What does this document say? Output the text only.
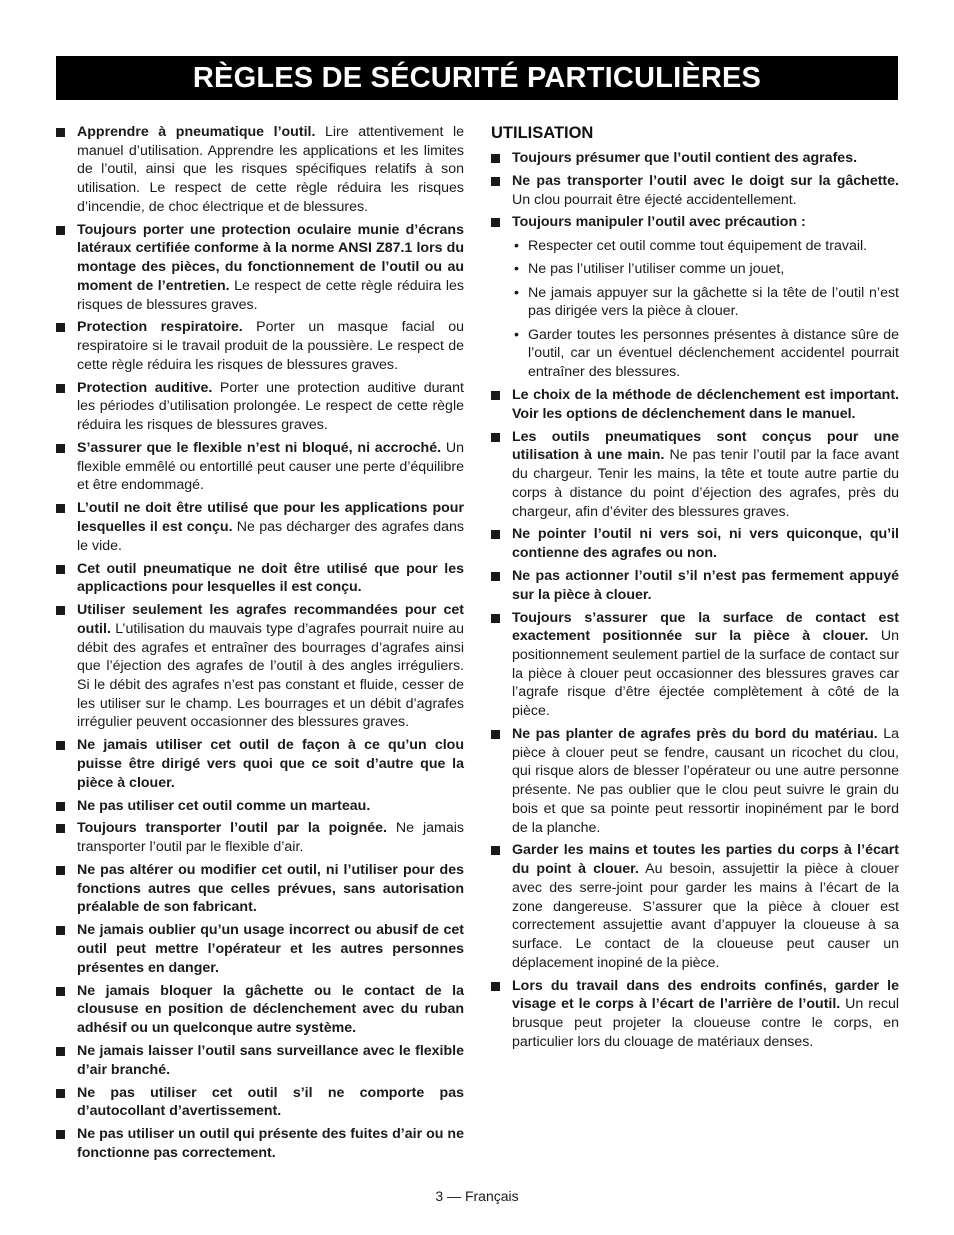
RÈGLES DE SÉCURITÉ PARTICULIÈRES
Apprendre à pneumatique l’outil. Lire attentivement le manuel d’utilisation. Apprendre les applications et les limites de l’outil, ainsi que les risques spécifiques relatifs à son utilisation. Le respect de cette règle réduira les risques d’incendie, de choc électrique et de blessures.
Toujours porter une protection oculaire munie d’écrans latéraux certifiée conforme à la norme ANSI Z87.1 lors du montage des pièces, du fonctionnement de l’outil ou au moment de l’entretien. Le respect de cette règle réduira les risques de blessures graves.
Protection respiratoire. Porter un masque facial ou respiratoire si le travail produit de la poussière. Le respect de cette règle réduira les risques de blessures graves.
Protection auditive. Porter une protection auditive durant les périodes d’utilisation prolongée. Le respect de cette règle réduira les risques de blessures graves.
S’assurer que le flexible n’est ni bloqué, ni accroché. Un flexible emmêlé ou entortillé peut causer une perte d’équilibre et être endommagé.
L’outil ne doit être utilisé que pour les applications pour lesquelles il est conçu. Ne pas décharger des agrafes dans le vide.
Cet outil pneumatique ne doit être utilisé que pour les applicactions pour lesquelles il est conçu.
Utiliser seulement les agrafes recommandées pour cet outil. L’utilisation du mauvais type d’agrafes pourrait nuire au débit des agrafes et entraîner des bourrages d’agrafes ainsi que l’éjection des agrafes de l’outil à des angles irréguliers. Si le débit des agrafes n’est pas constant et fluide, cesser de les utiliser sur le champ. Les bourrages et un débit d’agrafes irrégulier peuvent occasionner des blessures graves.
Ne jamais utiliser cet outil de façon à ce qu’un clou puisse être dirigé vers quoi que ce soit d’autre que la pièce à clouer.
Ne pas utiliser cet outil comme un marteau.
Toujours transporter l’outil par la poignée. Ne jamais transporter l’outil par le flexible d’air.
Ne pas altérer ou modifier cet outil, ni l’utiliser pour des fonctions autres que celles prévues, sans autorisation préalable de son fabricant.
Ne jamais oublier qu’un usage incorrect ou abusif de cet outil peut mettre l’opérateur et les autres personnes présentes en danger.
Ne jamais bloquer la gâchette ou le contact de la cloususe en position de déclenchement avec du ruban adhésif ou un quelconque autre système.
Ne jamais laisser l’outil sans surveillance avec le flexible d’air branché.
Ne pas utiliser cet outil s’il ne comporte pas d’autocollant d’avertissement.
Ne pas utiliser un outil qui présente des fuites d’air ou ne fonctionne pas correctement.
UTILISATION
Toujours présumer que l’outil contient des agrafes.
Ne pas transporter l’outil avec le doigt sur la gâchette. Un clou pourrait être éjecté accidentellement.
Toujours manipuler l’outil avec précaution :
• Respecter cet outil comme tout équipement de travail.
• Ne pas l’utiliser l’utiliser comme un jouet,
• Ne jamais appuyer sur la gâchette si la tête de l’outil n’est pas dirigée vers la pièce à clouer.
• Garder toutes les personnes présentes à distance sûre de l’outil, car un éventuel déclenchement accidentel pourrait entraîner des blessures.
Le choix de la méthode de déclenchement est important. Voir les options de déclenchement dans le manuel.
Les outils pneumatiques sont conçus pour une utilisation à une main. Ne pas tenir l’outil par la face avant du chargeur. Tenir les mains, la tête et toute autre partie du corps à distance du point d’éjection des agrafes, près du chargeur, afin d’éviter des blessures graves.
Ne pointer l’outil ni vers soi, ni vers quiconque, qu’il contienne des agrafes ou non.
Ne pas actionner l’outil s’il n’est pas fermement appuyé sur la pièce à clouer.
Toujours s’assurer que la surface de contact est exactement positionnée sur la pièce à clouer. Un positionnement seulement partiel de la surface de contact sur la pièce à clouer peut occasionner des blessures graves car l’agrafe risque d’être éjectée complètement à côté de la pièce.
Ne pas planter de agrafes près du bord du matériau. La pièce à clouer peut se fendre, causant un ricochet du clou, qui risque alors de blesser l’opérateur ou une autre personne présente. Ne pas oublier que le clou peut suivre le grain du bois et que sa pointe peut ressortir inopinément par le bord de la planche.
Garder les mains et toutes les parties du corps à l’écart du point à clouer. Au besoin, assujettir la pièce à clouer avec des serre-joint pour garder les mains à l’écart de la zone dangereuse. S’assurer que la pièce à clouer est correctement assujettie avant d’appuyer la cloueuse à sa surface. Le contact de la cloueuse peut causer un déplacement inopiné de la pièce.
Lors du travail dans des endroits confinés, garder le visage et le corps à l’écart de l’arrière de l’outil. Un recul brusque peut projeter la cloueuse contre le corps, en particulier lors du clouage de matériaux denses.
3 — Français
